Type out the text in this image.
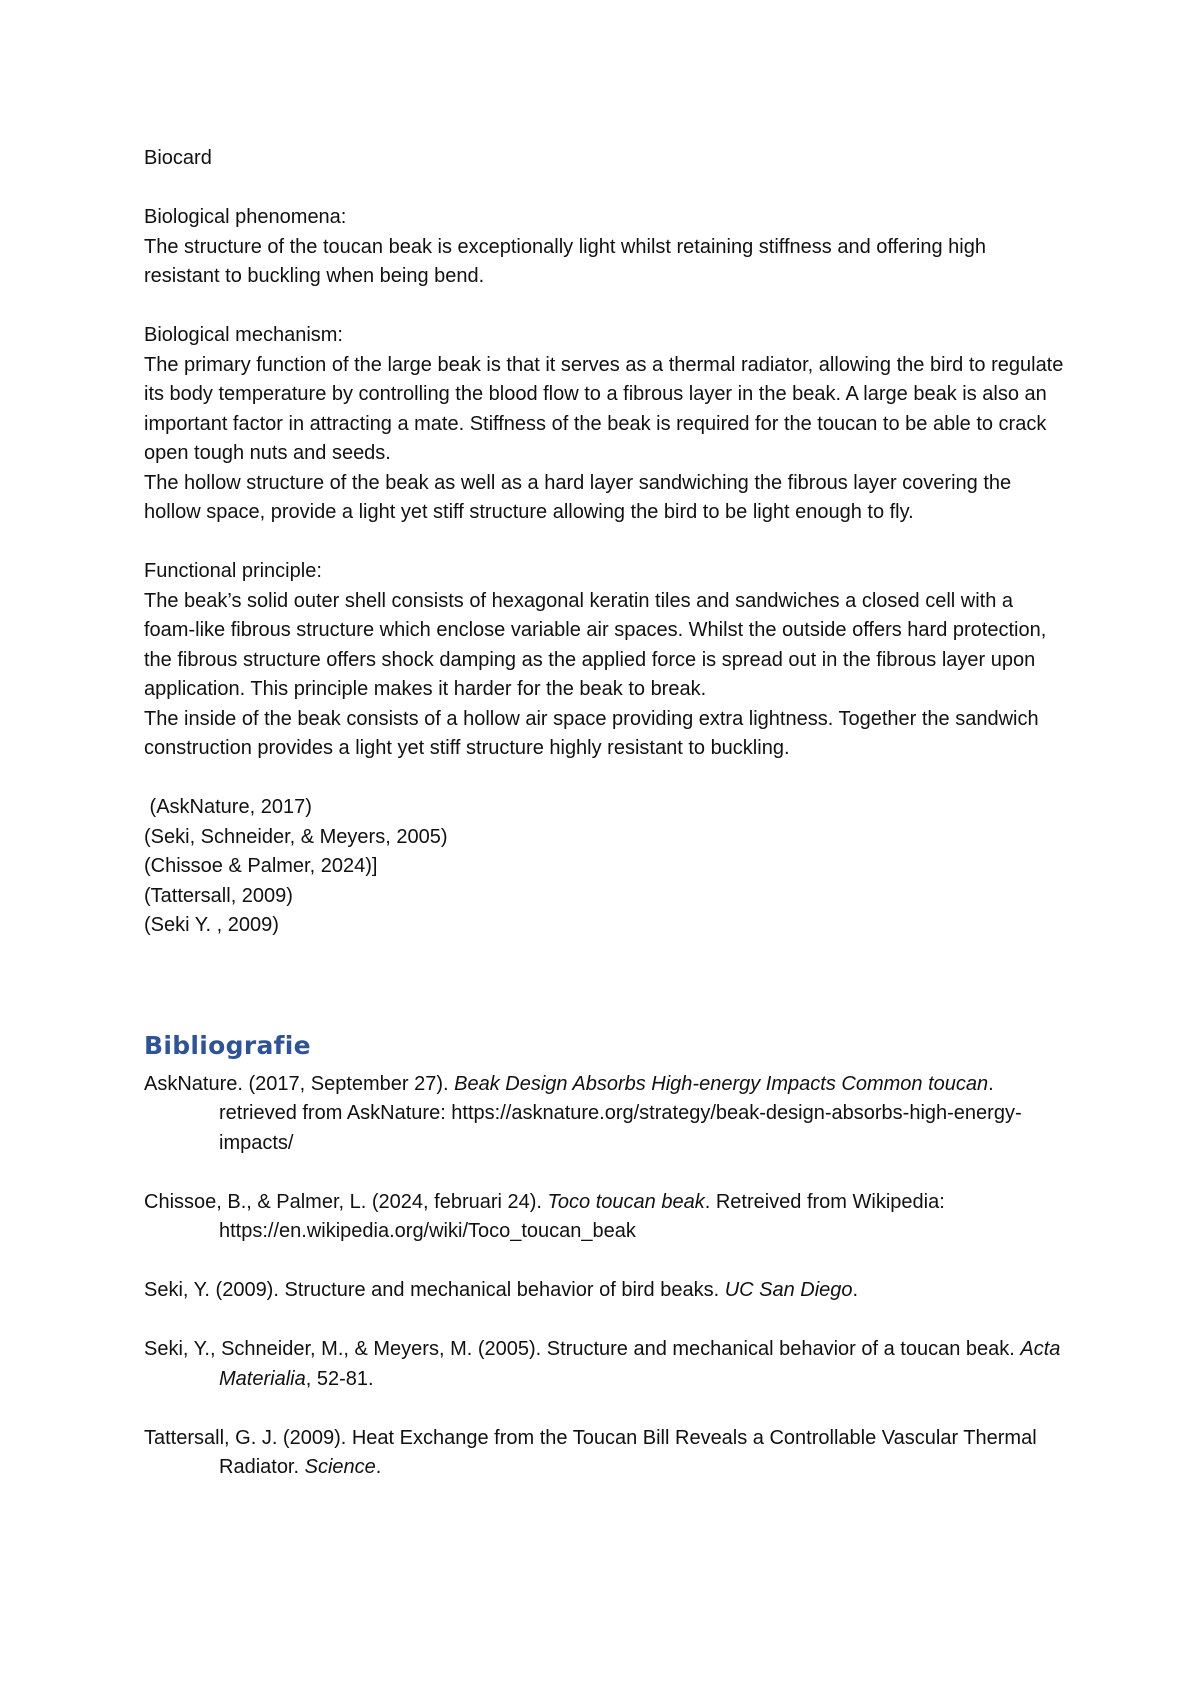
Biocard

Biological phenomena:

The structure of the toucan beak is exceptionally light whilst retaining stiffness and offering high resistant to buckling when being bend.

Biological mechanism:

The primary function of the large beak is that it serves as a thermal radiator, allowing the bird to regulate its body temperature by controlling the blood flow to a fibrous layer in the beak. A large beak is also an important factor in attracting a mate. Stiffness of the beak is required for the toucan to be able to crack open tough nuts and seeds.

The hollow structure of the beak as well as a hard layer sandwiching the fibrous layer covering the hollow space, provide a light yet stiff structure allowing the bird to be light enough to fly.

Functional principle:

The beak’s solid outer shell consists of hexagonal keratin tiles and sandwiches a closed cell with a foam-like fibrous structure which enclose variable air spaces. Whilst the outside offers hard protection, the fibrous structure offers shock damping as the applied force is spread out in the fibrous layer upon application. This principle makes it harder for the beak to break.

The inside of the beak consists of a hollow air space providing extra lightness. Together the sandwich construction provides a light yet stiff structure highly resistant to buckling.

(AskNature, 2017)

(Seki, Schneider, & Meyers, 2005)

(Chissoe & Palmer, 2024)]

(Tattersall, 2009)

(Seki Y. , 2009)

Bibliografie

AskNature. (2017, September 27). Beak Design Absorbs High-energy Impacts Common toucan. retrieved from AskNature: https://asknature.org/strategy/beak-design-absorbs-high-energy-impacts/

Chissoe, B., & Palmer, L. (2024, februari 24). Toco toucan beak. Retreived from Wikipedia: https://en.wikipedia.org/wiki/Toco_toucan_beak

Seki, Y. (2009). Structure and mechanical behavior of bird beaks. UC San Diego.

Seki, Y., Schneider, M., & Meyers, M. (2005). Structure and mechanical behavior of a toucan beak. Acta Materialia, 52-81.

Tattersall, G. J. (2009). Heat Exchange from the Toucan Bill Reveals a Controllable Vascular Thermal Radiator. Science.
